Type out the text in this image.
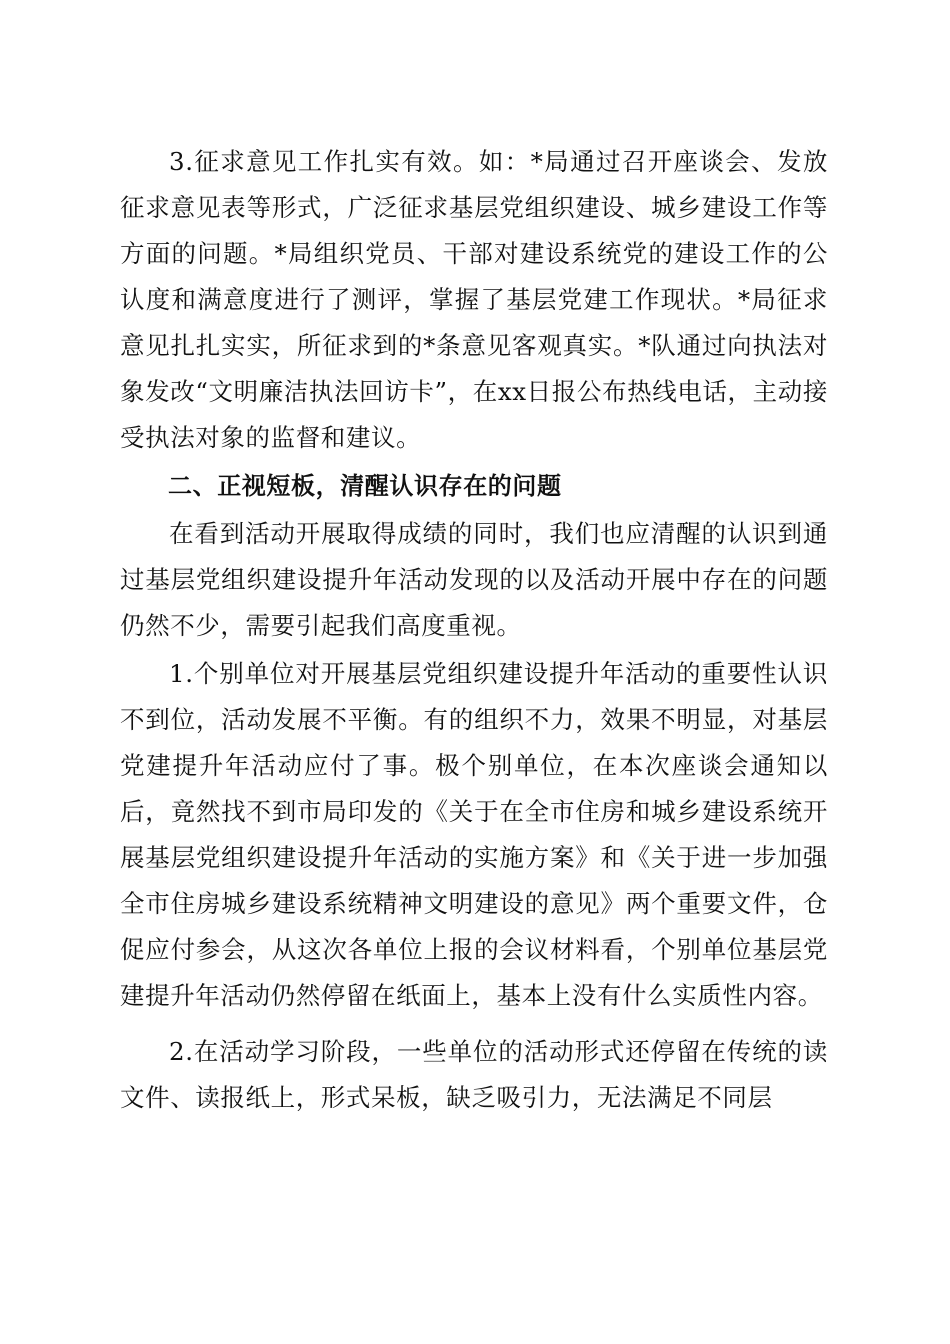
3.征求意见工作扎实有效。如：*局通过召开座谈会、发放征求意见表等形式，广泛征求基层党组织建设、城乡建设工作等方面的问题。*局组织党员、干部对建设系统党的建设工作的公认度和满意度进行了测评，掌握了基层党建工作现状。*局征求意见扎扎实实，所征求到的*条意见客观真实。*队通过向执法对象发改“文明廉洁执法回访卡”，在xx日报公布热线电话，主动接受执法对象的监督和建议。

二、正视短板，清醒认识存在的问题

在看到活动开展取得成绩的同时，我们也应清醒的认识到通过基层党组织建设提升年活动发现的以及活动开展中存在的问题仍然不少，需要引起我们高度重视。

1.个别单位对开展基层党组织建设提升年活动的重要性认识不到位，活动发展不平衡。有的组织不力，效果不明显，对基层党建提升年活动应付了事。极个别单位，在本次座谈会通知以后，竟然找不到市局印发的《关于在全市住房和城乡建设系统开展基层党组织建设提升年活动的实施方案》和《关于进一步加强全市住房城乡建设系统精神文明建设的意见》两个重要文件，仓促应付参会，从这次各单位上报的会议材料看，个别单位基层党建提升年活动仍然停留在纸面上，基本上没有什么实质性内容。

2.在活动学习阶段，一些单位的活动形式还停留在传统的读文件、读报纸上，形式呆板，缺乏吸引力，无法满足不同层
